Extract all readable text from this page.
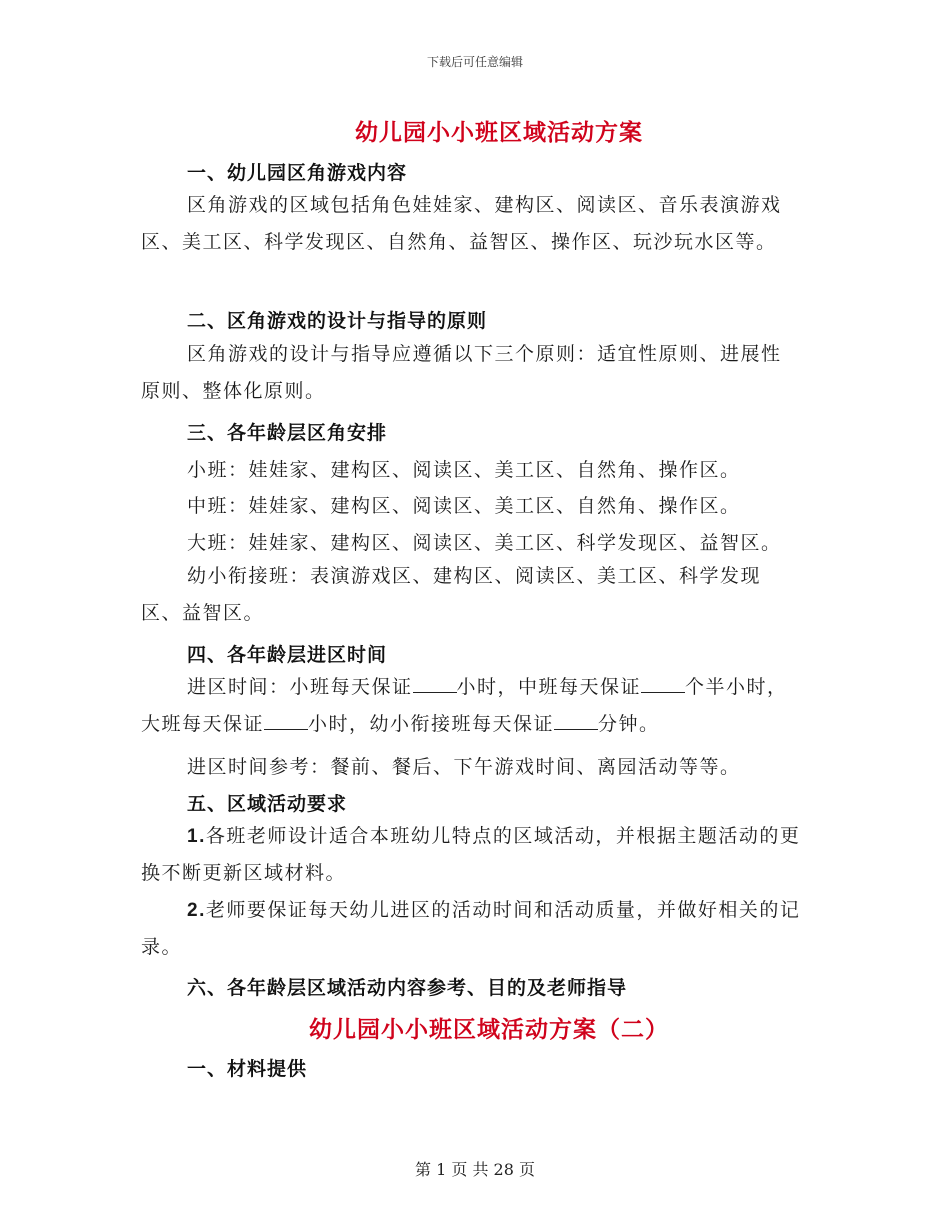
下载后可任意编辑
幼儿园小小班区域活动方案
一、幼儿园区角游戏内容
区角游戏的区域包括角色娃娃家、建构区、阅读区、音乐表演游戏区、美工区、科学发现区、自然角、益智区、操作区、玩沙玩水区等。
二、区角游戏的设计与指导的原则
区角游戏的设计与指导应遵循以下三个原则：适宜性原则、进展性原则、整体化原则。
三、各年龄层区角安排
小班：娃娃家、建构区、阅读区、美工区、自然角、操作区。
中班：娃娃家、建构区、阅读区、美工区、自然角、操作区。
大班：娃娃家、建构区、阅读区、美工区、科学发现区、益智区。
幼小衔接班：表演游戏区、建构区、阅读区、美工区、科学发现区、益智区。
四、各年龄层进区时间
进区时间：小班每天保证 小时，中班每天保证 个半小时，大班每天保证 小时，幼小衔接班每天保证 分钟。
进区时间参考：餐前、餐后、下午游戏时间、离园活动等等。
五、区域活动要求
1.各班老师设计适合本班幼儿特点的区域活动，并根据主题活动的更换不断更新区域材料。
2.老师要保证每天幼儿进区的活动时间和活动质量，并做好相关的记录。
六、各年龄层区域活动内容参考、目的及老师指导
幼儿园小小班区域活动方案（二）
一、材料提供
第 1 页 共 28 页
